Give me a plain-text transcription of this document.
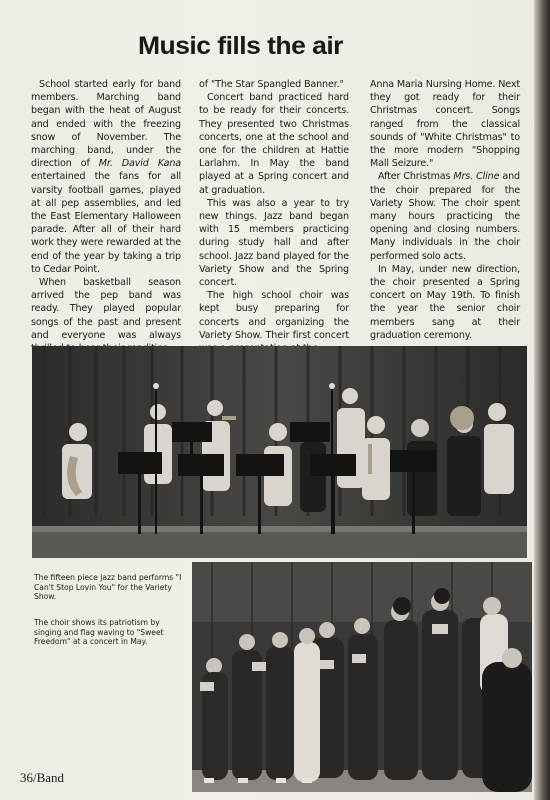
Music fills the air

School started early for band members. Marching band began with the heat of August and ended with the freezing snow of November. The marching band, under the direction of Mr. David Kana entertained the fans for all varsity football games, played at all pep assemblies, and led the East Elementary Halloween parade. After all of their hard work they were rewarded at the end of the year by taking a trip to Cedar Point.

When basketball season arrived the pep band was ready. They played popular songs of the past and present and everyone was always

of "The Star Spangled Banner."

Concert band practiced hard to be ready for their concerts. They presented two Christmas concerts, one at the school and one for the children at Hattie Larlahm. In May the band played at a Spring concert and at graduation.

This was also a year to try new things. Jazz band began with 15 members practicing during study hall and after school. Jazz band played for the Variety Show and the Spring concert.

The high school choir was kept busy preparing for concerts and organizing the Variety Show. Their first concert

Anna Maria Nursing Home. Next they got ready for their Christmas concert. Songs ranged from the classical sounds of "White Christmas" to the more modern "Shopping Mall Seizure."

After Christmas Mrs. Cline and the choir prepared for the Variety Show. The choir spent many hours practicing the opening and closing numbers. Many individuals in the choir performed solo acts.

In May, under new direction, the choir presented a Spring concert on May 19th. To finish the year the senior choir members sang at their graduation ceremony.

The fifteen piece jazz band performs "I Can't Stop Lovin You" for the Variety Show.
The choir shows its patriotism by singing and flag waving to "Sweet Freedom" at a concert in May.
36/Band
